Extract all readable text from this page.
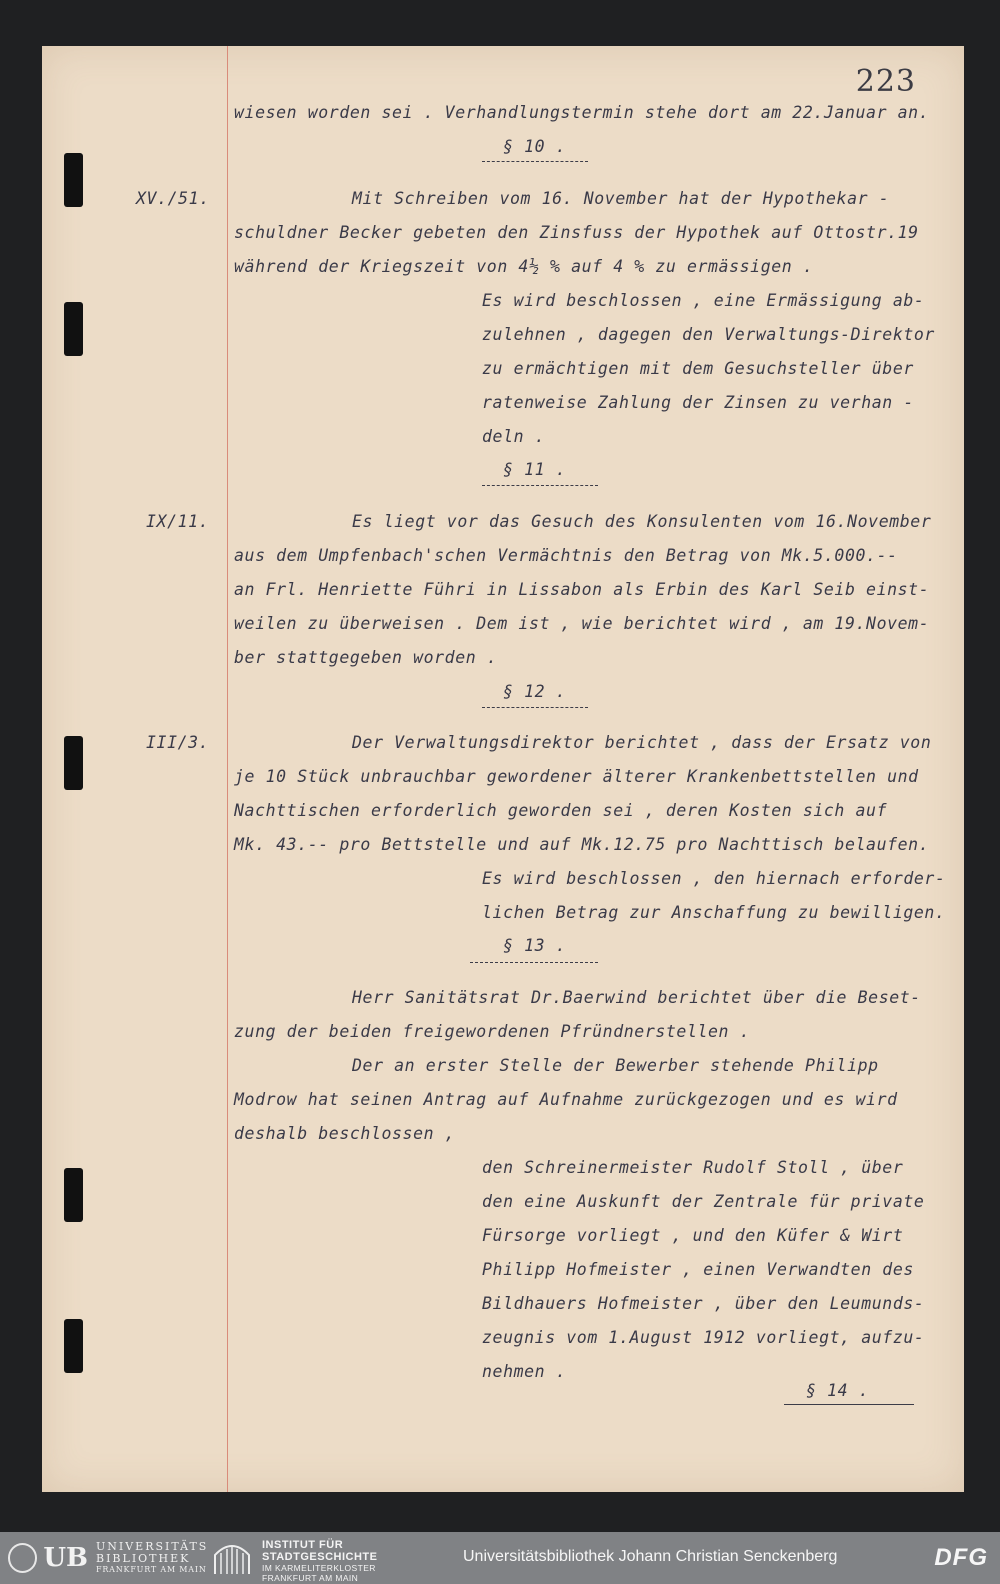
223
wiesen worden sei . Verhandlungstermin stehe dort am 22.Januar an.
§ 10 .
XV./51.	Mit Schreiben vom 16. November hat der Hypothekar -
schuldner Becker gebeten den Zinsfuss der Hypothek auf Ottostr.19
während der Kriegszeit von 4½ % auf 4 % zu ermässigen .
Es wird beschlossen , eine Ermässigung ab-
zulehnen , dagegen den Verwaltungs-Direktor
zu ermächtigen mit dem Gesuchsteller über
ratenweise Zahlung der Zinsen zu verhan -
deln .
§ 11 .
IX/11.	Es liegt vor das Gesuch des Konsulenten vom 16.November
aus dem Umpfenbach'schen Vermächtnis den Betrag von Mk.5.000.--
an Frl. Henriette Führi in Lissabon als Erbin des Karl Seib einst-
weilen zu überweisen . Dem ist , wie berichtet wird , am 19.Novem-
ber stattgegeben worden .
§ 12 .
III/3.	Der Verwaltungsdirektor berichtet , dass der Ersatz von
je 10 Stück unbrauchbar gewordener älterer Krankenbettstellen und
Nachttischen erforderlich geworden sei , deren Kosten sich auf
Mk. 43.-- pro Bettstelle und auf Mk.12.75 pro Nachttisch belaufen.
Es wird beschlossen , den hiernach erforder-
lichen Betrag zur Anschaffung zu bewilligen.
§ 13 .
Herr Sanitätsrat Dr.Baerwind berichtet über die Beset-
zung der beiden freigewordenen Pfründnerstellen .
Der an erster Stelle der Bewerber stehende Philipp
Modrow hat seinen Antrag auf Aufnahme zurückgezogen und es wird
deshalb beschlossen ,
den Schreinermeister Rudolf Stoll , über
den eine Auskunft der Zentrale für private
Fürsorge vorliegt , und den Küfer & Wirt
Philipp Hofmeister , einen Verwandten des
Bildhauers Hofmeister , über den Leumunds-
zeugnis vom 1.August 1912 vorliegt, aufzu-
nehmen .
§ 14 .
UB UNIVERSITÄTS
BIBLIOTHEK
FRANKFURT AM MAIN
INSTITUT FÜR
STADTGESCHICHTE
IM KARMELITERKLOSTER
FRANKFURT AM MAIN
Universitätsbibliothek Johann Christian Senckenberg	DFG
